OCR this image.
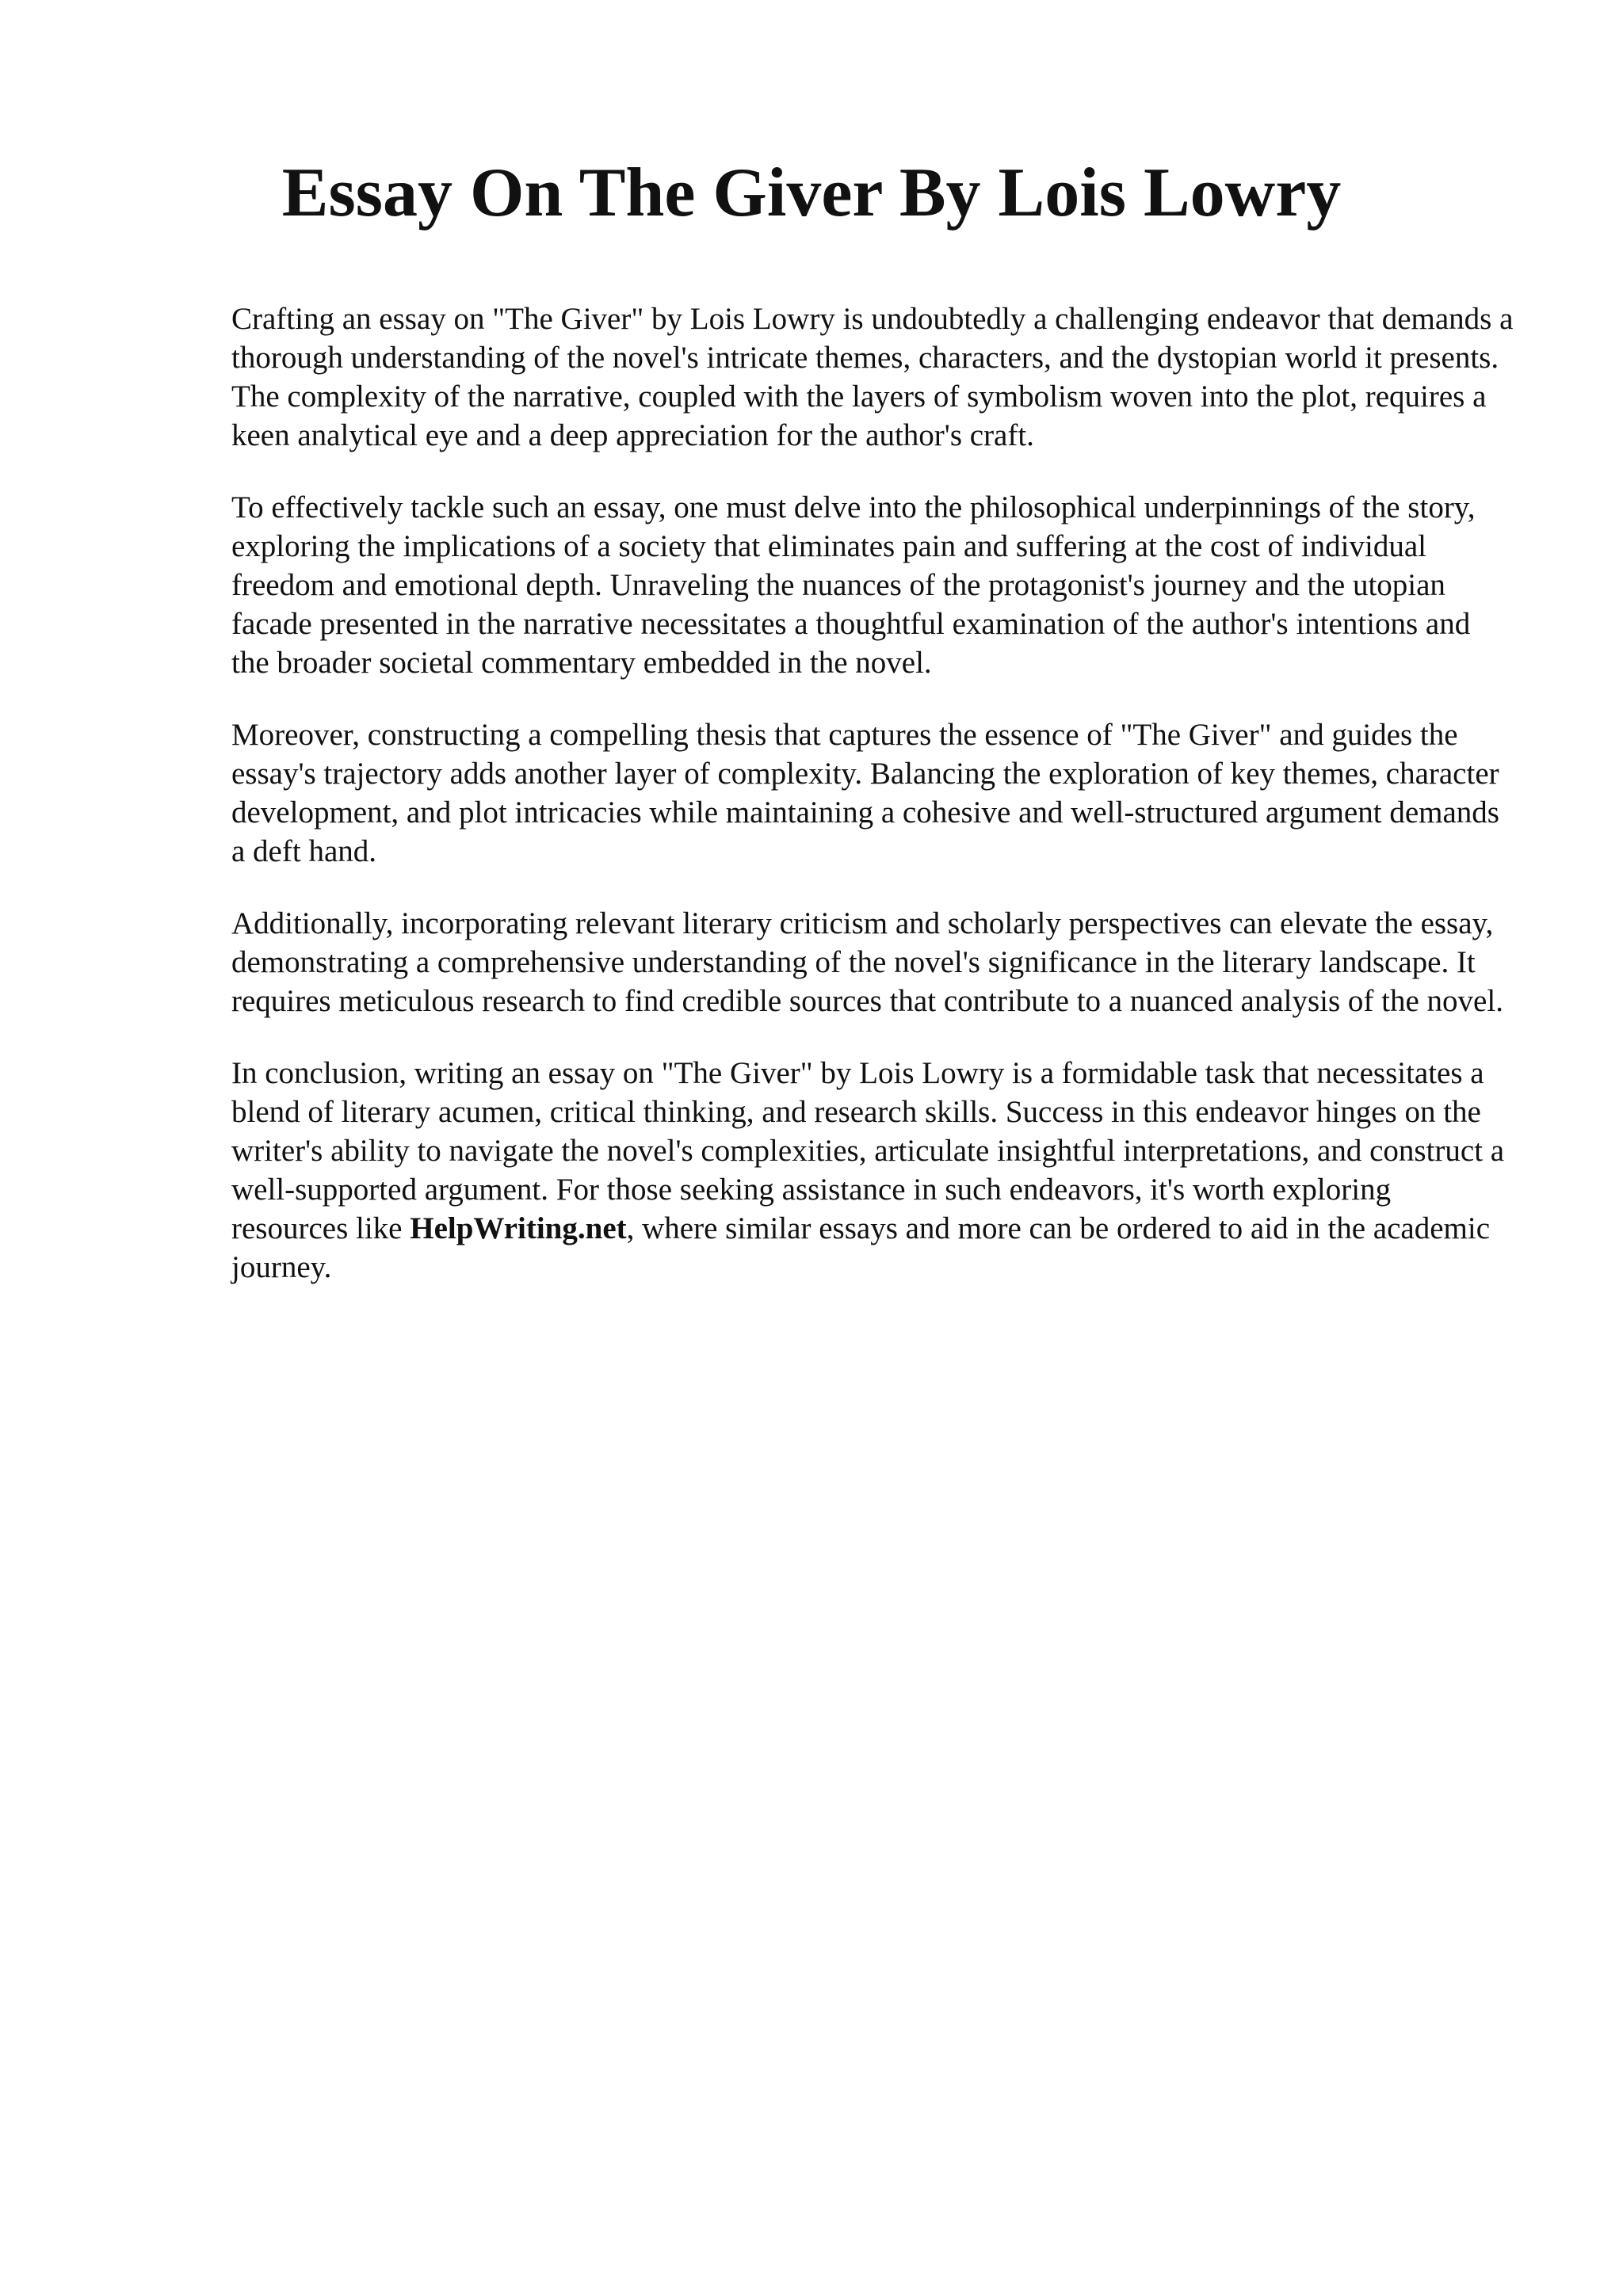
Essay On The Giver By Lois Lowry

Crafting an essay on "The Giver" by Lois Lowry is undoubtedly a challenging endeavor that demands a thorough understanding of the novel's intricate themes, characters, and the dystopian world it presents. The complexity of the narrative, coupled with the layers of symbolism woven into the plot, requires a keen analytical eye and a deep appreciation for the author's craft.

To effectively tackle such an essay, one must delve into the philosophical underpinnings of the story, exploring the implications of a society that eliminates pain and suffering at the cost of individual freedom and emotional depth. Unraveling the nuances of the protagonist's journey and the utopian facade presented in the narrative necessitates a thoughtful examination of the author's intentions and the broader societal commentary embedded in the novel.

Moreover, constructing a compelling thesis that captures the essence of "The Giver" and guides the essay's trajectory adds another layer of complexity. Balancing the exploration of key themes, character development, and plot intricacies while maintaining a cohesive and well-structured argument demands a deft hand.

Additionally, incorporating relevant literary criticism and scholarly perspectives can elevate the essay, demonstrating a comprehensive understanding of the novel's significance in the literary landscape. It requires meticulous research to find credible sources that contribute to a nuanced analysis of the novel.

In conclusion, writing an essay on "The Giver" by Lois Lowry is a formidable task that necessitates a blend of literary acumen, critical thinking, and research skills. Success in this endeavor hinges on the writer's ability to navigate the novel's complexities, articulate insightful interpretations, and construct a well-supported argument. For those seeking assistance in such endeavors, it's worth exploring resources like HelpWriting.net, where similar essays and more can be ordered to aid in the academic journey.
